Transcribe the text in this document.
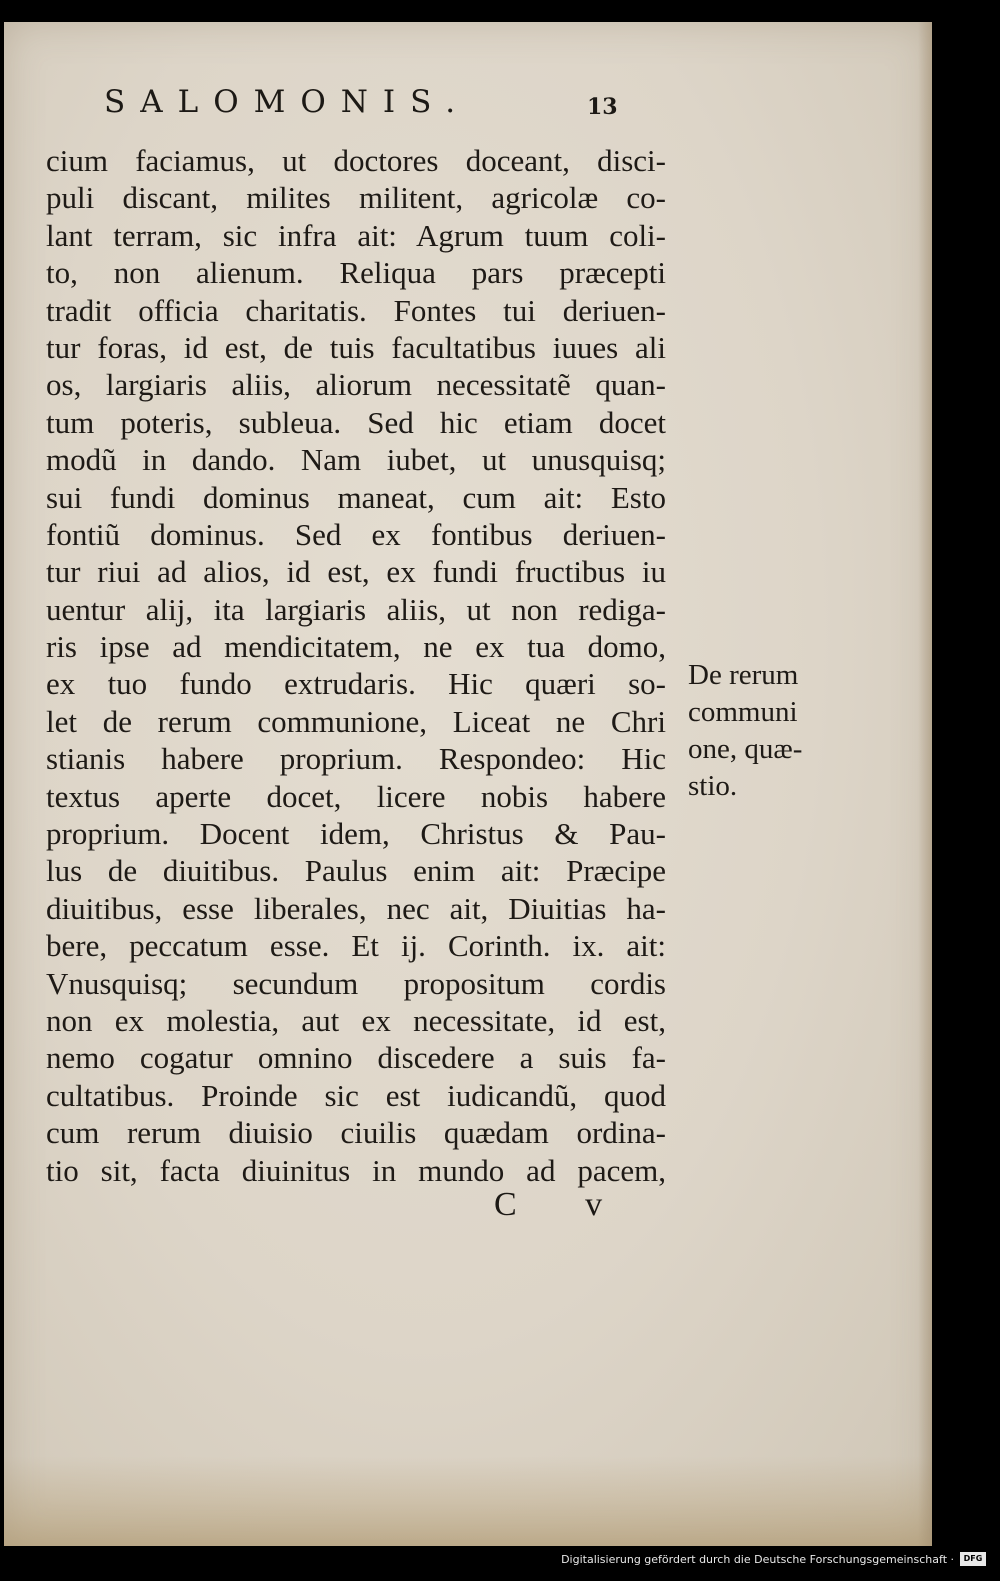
SALOMONIS.	13
cium faciamus, ut doctores doceant, disci-
puli discant, milites militent, agricolæ co-
lant terram, sic infra ait: Agrum tuum coli-
to, non alienum. Reliqua pars præcepti
tradit officia charitatis. Fontes tui deriuen-
tur foras, id est, de tuis facultatibus iuues ali
os, largiaris aliis, aliorum necessitatẽ quan-
tum poteris, subleua. Sed hic etiam docet
modũ in dando. Nam iubet, ut unusquisq;
sui fundi dominus maneat, cum ait: Esto
fontiũ dominus. Sed ex fontibus deriuen-
tur riui ad alios, id est, ex fundi fructibus iu
uentur alij, ita largiaris aliis, ut non rediga-
ris ipse ad mendicitatem, ne ex tua domo,
ex tuo fundo extrudaris. Hic quæri so-
let de rerum communione, Liceat ne Chri
stianis habere proprium. Respondeo: Hic
textus aperte docet, licere nobis habere
proprium. Docent idem, Christus & Pau-
lus de diuitibus. Paulus enim ait: Præcipe
diuitibus, esse liberales, nec ait, Diuitias ha-
bere, peccatum esse. Et ij. Corinth. ix. ait:
Vnusquisq; secundum propositum cordis
non ex molestia, aut ex necessitate, id est,
nemo cogatur omnino discedere a suis fa-
cultatibus. Proinde sic est iudicandũ, quod
cum rerum diuisio ciuilis quædam ordina-
tio sit, facta diuinitus in mundo ad pacem,
De rerum
communi
one, quæ-
stio.
C v
Digitalisierung gefördert durch die Deutsche Forschungsgemeinschaft ·	DFG
